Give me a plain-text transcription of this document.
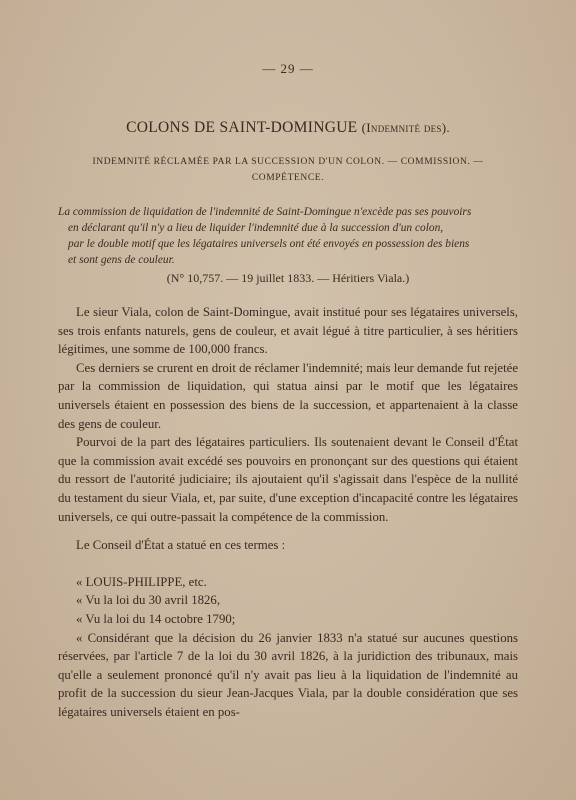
— 29 —
COLONS DE SAINT-DOMINGUE (Indemnité des).
INDEMNITÉ RÉCLAMÉE PAR LA SUCCESSION D'UN COLON. — COMMISSION. —
COMPÉTENCE.
La commission de liquidation de l'indemnité de Saint-Domingue n'excède pas ses pouvoirs
en déclarant qu'il n'y a lieu de liquider l'indemnité due à la succession d'un colon,
par le double motif que les légataires universels ont été envoyés en possession des biens
et sont gens de couleur.
(N° 10,757. — 19 juillet 1833. — Héritiers Viala.)

Le sieur Viala, colon de Saint-Domingue, avait institué pour ses légataires universels, ses trois enfants naturels, gens de couleur, et avait légué à titre particulier, à ses héritiers légitimes, une somme de 100,000 francs.

Ces derniers se crurent en droit de réclamer l'indemnité; mais leur demande fut rejetée par la commission de liquidation, qui statua ainsi par le motif que les légataires universels étaient en possession des biens de la succession, et appartenaient à la classe des gens de couleur.

Pourvoi de la part des légataires particuliers. Ils soutenaient devant le Conseil d'État que la commission avait excédé ses pouvoirs en prononçant sur des questions qui étaient du ressort de l'autorité judiciaire; ils ajoutaient qu'il s'agissait dans l'espèce de la nullité du testament du sieur Viala, et, par suite, d'une exception d'incapacité contre les légataires universels, ce qui outre-passait la compétence de la commission.

Le Conseil d'État a statué en ces termes :

« LOUIS-PHILIPPE, etc.

« Vu la loi du 30 avril 1826,

« Vu la loi du 14 octobre 1790;

« Considérant que la décision du 26 janvier 1833 n'a statué sur aucunes questions réservées, par l'article 7 de la loi du 30 avril 1826, à la juridiction des tribunaux, mais qu'elle a seulement prononcé qu'il n'y avait pas lieu à la liquidation de l'indemnité au profit de la succession du sieur Jean-Jacques Viala, par la double considération que ses légataires universels étaient en pos-
